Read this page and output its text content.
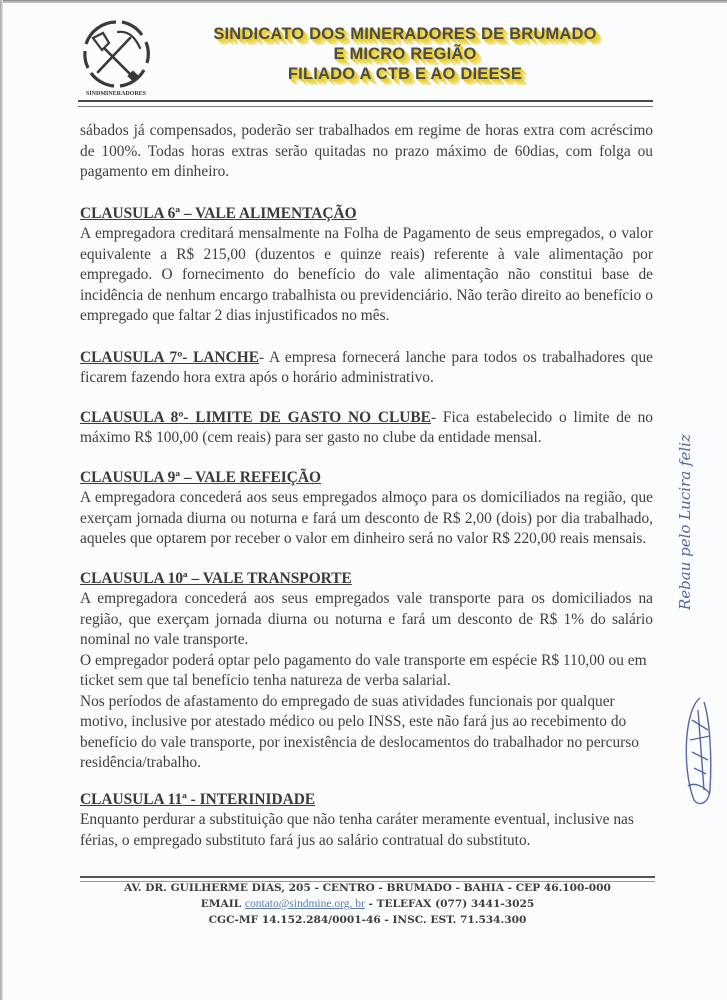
SINDMINERADORES
SINDICATO DOS MINERADORES DE BRUMADO
E MICRO REGIÃO
FILIADO A CTB E AO DIEESE

sábados já compensados, poderão ser trabalhados em regime de horas extra com acréscimo de 100%. Todas horas extras serão quitadas no prazo máximo de 60dias, com folga ou pagamento em dinheiro.

CLAUSULA 6ª – VALE ALIMENTAÇÃO

A empregadora creditará mensalmente na Folha de Pagamento de seus empregados, o valor equivalente a R$ 215,00 (duzentos e quinze reais) referente à vale alimentação por empregado. O fornecimento do benefício do vale alimentação não constitui base de incidência de nenhum encargo trabalhista ou previdenciário. Não terão direito ao benefício o empregado que faltar 2 dias injustificados no mês.

CLAUSULA 7º- LANCHE- A empresa fornecerá lanche para todos os trabalhadores que ficarem fazendo hora extra após o horário administrativo.

CLAUSULA 8º- LIMITE DE GASTO NO CLUBE- Fica estabelecido o limite de no máximo R$ 100,00 (cem reais) para ser gasto no clube da entidade mensal.

CLAUSULA 9ª – VALE REFEIÇÃO

A empregadora concederá aos seus empregados almoço para os domiciliados na região, que exerçam jornada diurna ou noturna e fará um desconto de R$ 2,00 (dois) por dia trabalhado, aqueles que optarem por receber o valor em dinheiro será no valor R$ 220,00 reais mensais.

CLAUSULA 10ª – VALE TRANSPORTE

A empregadora concederá aos seus empregados vale transporte para os domiciliados na região, que exerçam jornada diurna ou noturna e fará um desconto de R$ 1% do salário nominal no vale transporte.

O empregador poderá optar pelo pagamento do vale transporte em espécie R$ 110,00 ou em ticket sem que tal benefício tenha natureza de verba salarial.

Nos períodos de afastamento do empregado de suas atividades funcionais por qualquer motivo, inclusive por atestado médico ou pelo INSS, este não fará jus ao recebimento do benefício do vale transporte, por inexistência de deslocamentos do trabalhador no percurso residência/trabalho.

CLAUSULA 11ª - INTERINIDADE

Enquanto perdurar a substituição que não tenha caráter meramente eventual, inclusive nas férias, o empregado substituto fará jus ao salário contratual do substituto.

Rebau pelo Lucira feliz
AV. DR. GUILHERME DIAS, 205 - CENTRO - BRUMADO - BAHIA - CEP 46.100-000
EMAIL contato@sindmine.org. br - TELEFAX (077) 3441-3025
CGC-MF 14.152.284/0001-46 - INSC. EST. 71.534.300
